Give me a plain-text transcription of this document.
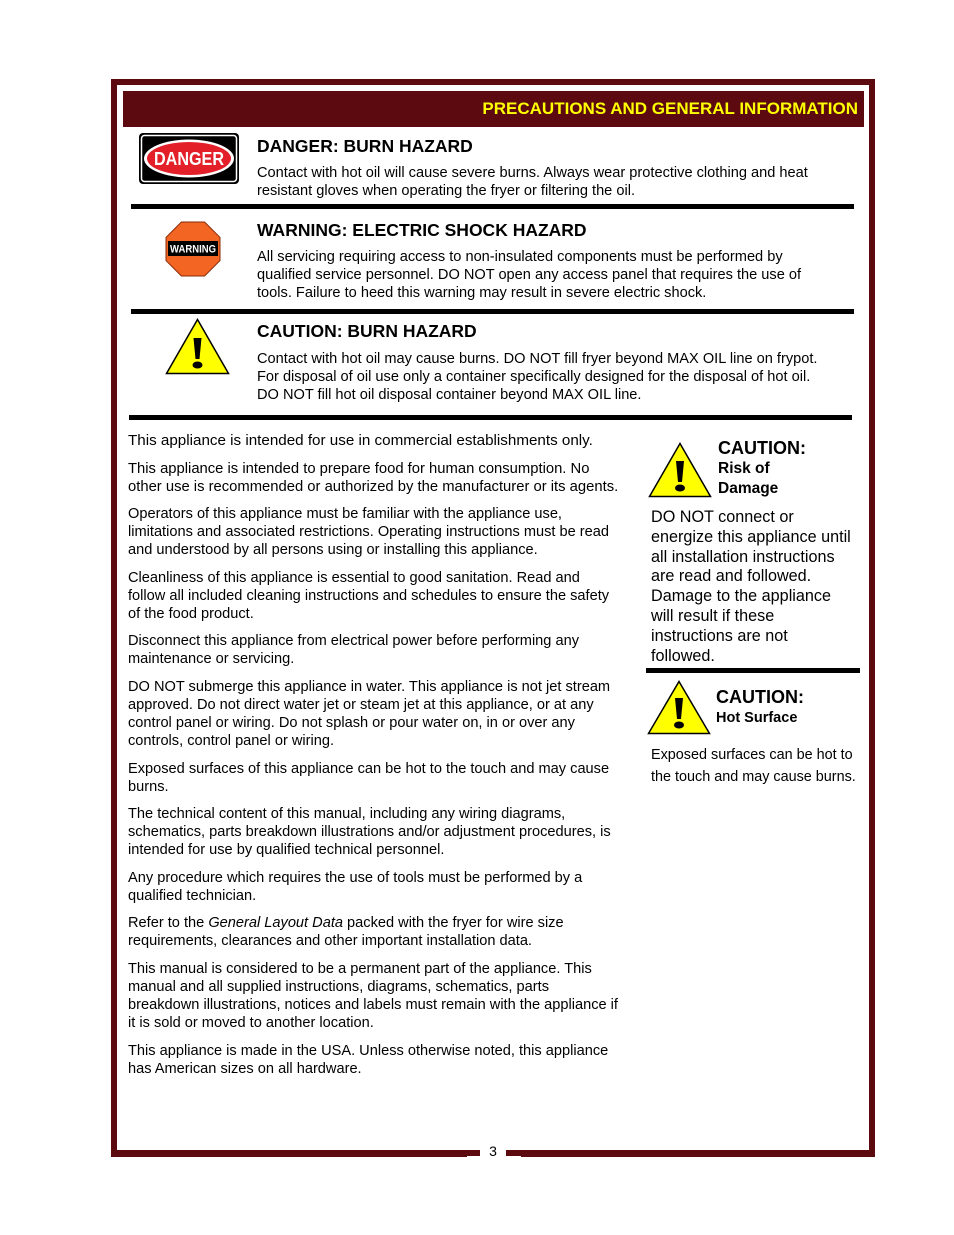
PRECAUTIONS AND GENERAL INFORMATION
DANGER
DANGER: BURN HAZARD
Contact with hot oil will cause severe burns. Always wear protective clothing and heat
resistant gloves when operating the fryer or filtering the oil.
WARNING
WARNING: ELECTRIC SHOCK HAZARD
All servicing requiring access to non-insulated components must be performed by
qualified service personnel. DO NOT open any access panel that requires the use of
tools. Failure to heed this warning may result in severe electric shock.
CAUTION: BURN HAZARD
Contact with hot oil may cause burns. DO NOT fill fryer beyond MAX OIL line on frypot.
For disposal of oil use only a container specifically designed for the disposal of hot oil.
DO NOT fill hot oil disposal container beyond MAX OIL line.

This appliance is intended for use in commercial establishments only.

This appliance is intended to prepare food for human consumption. No other use is recommended or authorized by the manufacturer or its agents.

Operators of this appliance must be familiar with the appliance use, limitations and associated restrictions. Operating instructions must be read and understood by all persons using or installing this appliance.

Cleanliness of this appliance is essential to good sanitation. Read and follow all included cleaning instructions and schedules to ensure the safety of the food product.

Disconnect this appliance from electrical power before performing any maintenance or servicing.

DO NOT submerge this appliance in water. This appliance is not jet stream approved. Do not direct water jet or steam jet at this appliance, or at any control panel or wiring. Do not splash or pour water on, in or over any controls, control panel or wiring.

Exposed surfaces of this appliance can be hot to the touch and may cause burns.

The technical content of this manual, including any wiring diagrams, schematics, parts breakdown illustrations and/or adjustment procedures, is intended for use by qualified technical personnel.

Any procedure which requires the use of tools must be performed by a qualified technician.

Refer to the General Layout Data packed with the fryer for wire size requirements, clearances and other important installation data.

This manual is considered to be a permanent part of the appliance. This manual and all supplied instructions, diagrams, schematics, parts breakdown illustrations, notices and labels must remain with the appliance if it is sold or moved to another location.

This appliance is made in the USA. Unless otherwise noted, this appliance has American sizes on all hardware.

CAUTION:
Risk of
Damage
DO NOT connect or energize this appliance until all installation instructions are read and followed. Damage to the appliance will result if these instructions are not followed.
CAUTION:
Hot Surface
Exposed surfaces can be hot to the touch and may cause burns.
3
